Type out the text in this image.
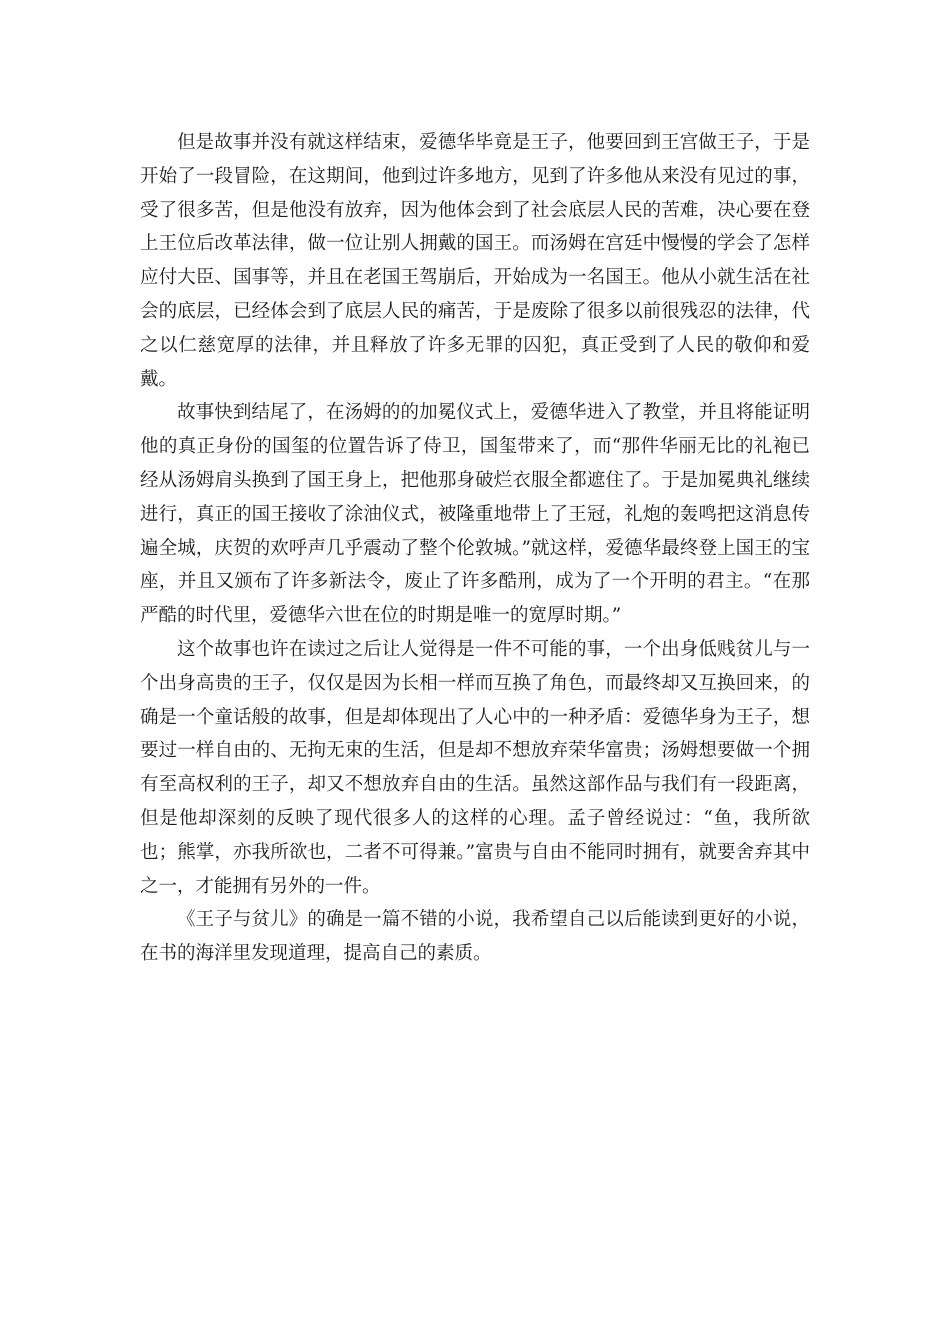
但是故事并没有就这样结束，爱德华毕竟是王子，他要回到王宫做王子，于是开始了一段冒险，在这期间，他到过许多地方，见到了许多他从来没有见过的事，受了很多苦，但是他没有放弃，因为他体会到了社会底层人民的苦难，决心要在登上王位后改革法律，做一位让别人拥戴的国王。而汤姆在宫廷中慢慢的学会了怎样应付大臣、国事等，并且在老国王驾崩后，开始成为一名国王。他从小就生活在社会的底层，已经体会到了底层人民的痛苦，于是废除了很多以前很残忍的法律，代之以仁慈宽厚的法律，并且释放了许多无罪的囚犯，真正受到了人民的敬仰和爱戴。

故事快到结尾了，在汤姆的的加冕仪式上，爱德华进入了教堂，并且将能证明他的真正身份的国玺的位置告诉了侍卫，国玺带来了，而“那件华丽无比的礼袍已经从汤姆肩头换到了国王身上，把他那身破烂衣服全都遮住了。于是加冕典礼继续进行，真正的国王接收了涂油仪式，被隆重地带上了王冠，礼炮的轰鸣把这消息传遍全城，庆贺的欢呼声几乎震动了整个伦敦城。”就这样，爱德华最终登上国王的宝座，并且又颁布了许多新法令，废止了许多酷刑，成为了一个开明的君主。“在那严酷的时代里，爱德华六世在位的时期是唯一的宽厚时期。”

这个故事也许在读过之后让人觉得是一件不可能的事，一个出身低贱贫儿与一个出身高贵的王子，仅仅是因为长相一样而互换了角色，而最终却又互换回来，的确是一个童话般的故事，但是却体现出了人心中的一种矛盾：爱德华身为王子，想要过一样自由的、无拘无束的生活，但是却不想放弃荣华富贵；汤姆想要做一个拥有至高权利的王子，却又不想放弃自由的生活。虽然这部作品与我们有一段距离，但是他却深刻的反映了现代很多人的这样的心理。孟子曾经说过：“鱼，我所欲也；熊掌，亦我所欲也，二者不可得兼。”富贵与自由不能同时拥有，就要舍弃其中之一，才能拥有另外的一件。

《王子与贫儿》的确是一篇不错的小说，我希望自己以后能读到更好的小说，在书的海洋里发现道理，提高自己的素质。
